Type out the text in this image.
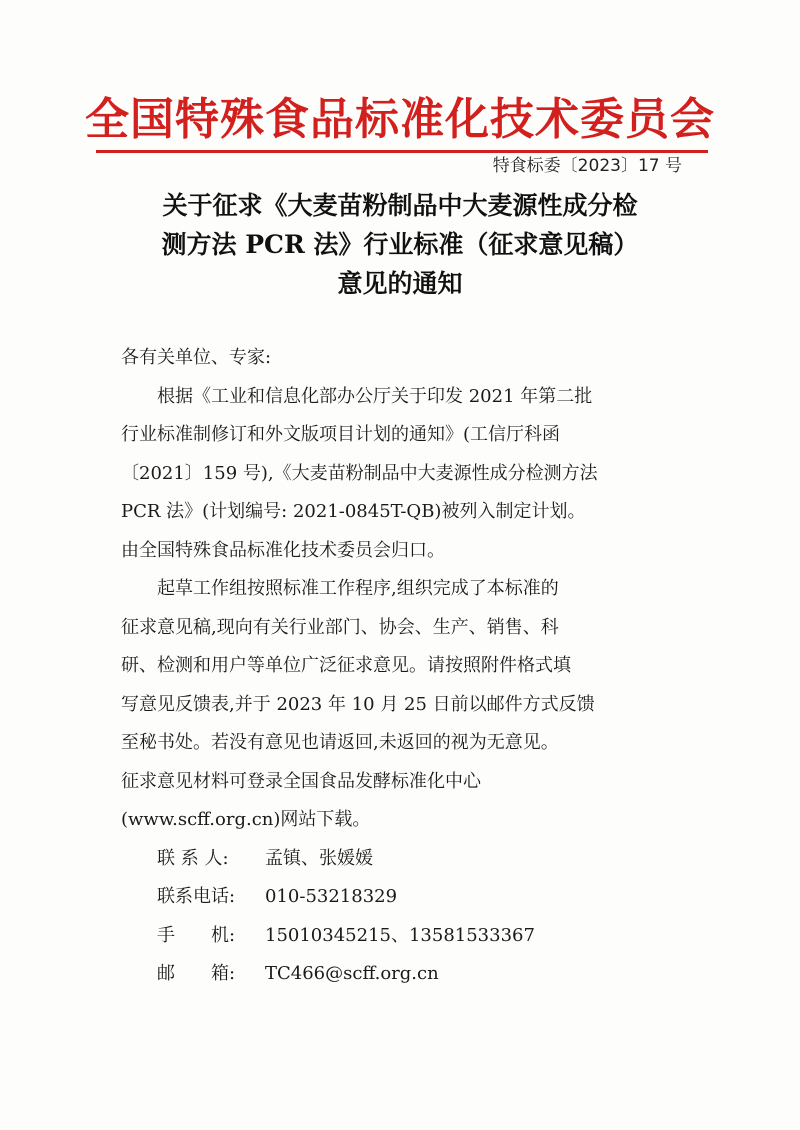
全国特殊食品标准化技术委员会
特食标委〔2023〕17 号
关于征求《大麦苗粉制品中大麦源性成分检
测方法 PCR 法》行业标准（征求意见稿）
意见的通知
各有关单位、专家:
根据《工业和信息化部办公厅关于印发 2021 年第二批
行业标准制修订和外文版项目计划的通知》(工信厅科函
〔2021〕159 号),《大麦苗粉制品中大麦源性成分检测方法
PCR 法》(计划编号: 2021-0845T-QB)被列入制定计划。
由全国特殊食品标准化技术委员会归口。
起草工作组按照标准工作程序,组织完成了本标准的
征求意见稿,现向有关行业部门、协会、生产、销售、科
研、检测和用户等单位广泛征求意见。请按照附件格式填
写意见反馈表,并于 2023 年 10 月 25 日前以邮件方式反馈
至秘书处。若没有意见也请返回,未返回的视为无意见。
征求意见材料可登录全国食品发酵标准化中心
(www.scff.org.cn)网站下载。
联 系 人: 孟镇、张媛媛
联系电话: 010-53218329
手　　机: 15010345215、13581533367
邮　　箱: TC466@scff.org.cn
